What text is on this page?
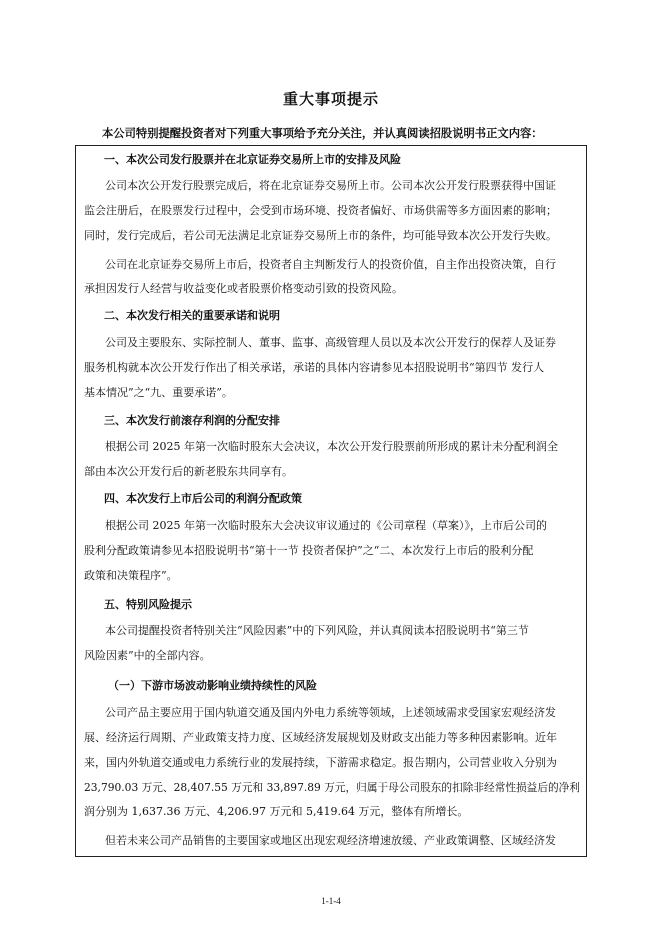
重大事项提示
本公司特别提醒投资者对下列重大事项给予充分关注，并认真阅读招股说明书正文内容：
一、本次公司发行股票并在北京证券交易所上市的安排及风险
公司本次公开发行股票完成后，将在北京证券交易所上市。公司本次公开发行股票获得中国证
监会注册后，在股票发行过程中，会受到市场环境、投资者偏好、市场供需等多方面因素的影响；
同时，发行完成后，若公司无法满足北京证券交易所上市的条件，均可能导致本次公开发行失败。
公司在北京证券交易所上市后，投资者自主判断发行人的投资价值，自主作出投资决策，自行
承担因发行人经营与收益变化或者股票价格变动引致的投资风险。
二、本次发行相关的重要承诺和说明
公司及主要股东、实际控制人、董事、监事、高级管理人员以及本次公开发行的保荐人及证券
服务机构就本次公开发行作出了相关承诺，承诺的具体内容请参见本招股说明书“第四节 发行人
基本情况”之“九、重要承诺”。
三、本次发行前滚存利润的分配安排
根据公司 2025 年第一次临时股东大会决议，本次公开发行股票前所形成的累计未分配利润全
部由本次公开发行后的新老股东共同享有。
四、本次发行上市后公司的利润分配政策
根据公司 2025 年第一次临时股东大会决议审议通过的《公司章程（草案）》，上市后公司的
股利分配政策请参见本招股说明书“第十一节 投资者保护”之“二、本次发行上市后的股利分配
政策和决策程序”。
五、特别风险提示
本公司提醒投资者特别关注“风险因素”中的下列风险，并认真阅读本招股说明书“第三节
风险因素”中的全部内容。
（一）下游市场波动影响业绩持续性的风险
公司产品主要应用于国内轨道交通及国内外电力系统等领域，上述领域需求受国家宏观经济发
展、经济运行周期、产业政策支持力度、区域经济发展规划及财政支出能力等多种因素影响。近年
来，国内外轨道交通或电力系统行业的发展持续，下游需求稳定。报告期内，公司营业收入分别为
23,790.03 万元、28,407.55 万元和 33,897.89 万元，归属于母公司股东的扣除非经常性损益后的净利
润分别为 1,637.36 万元、4,206.97 万元和 5,419.64 万元，整体有所增长。
但若未来公司产品销售的主要国家或地区出现宏观经济增速放缓、产业政策调整、区域经济发
1-1-4
